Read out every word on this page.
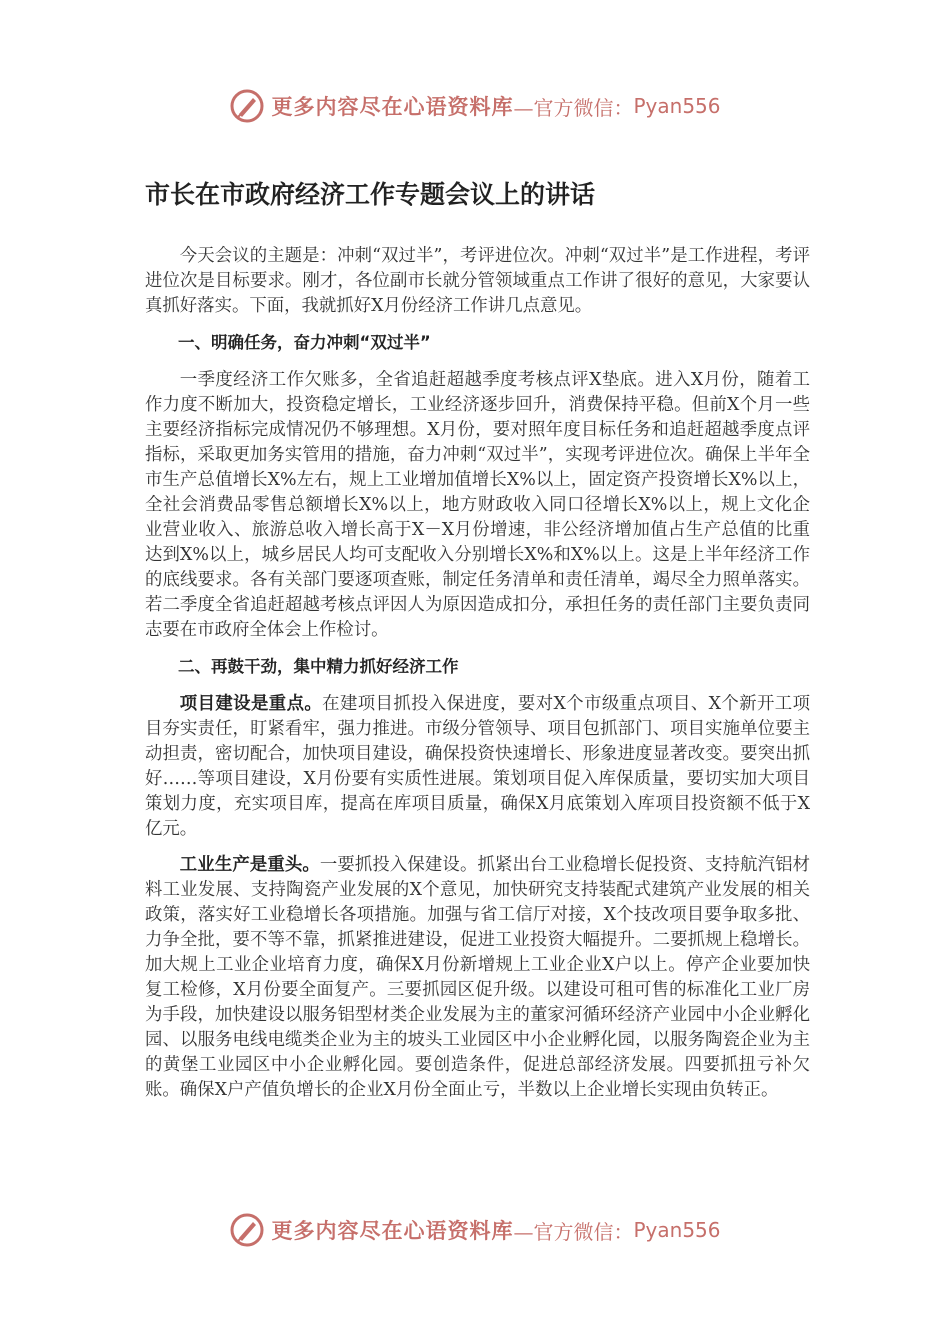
更多内容尽在心语资料库 —官方微信： Pyan556
市长在市政府经济工作专题会议上的讲话

今天会议的主题是：冲刺“双过半”，考评进位次。冲刺“双过半”是工作进程，考评进位次是目标要求。刚才，各位副市长就分管领域重点工作讲了很好的意见，大家要认真抓好落实。下面，我就抓好X月份经济工作讲几点意见。

一、明确任务，奋力冲刺“双过半”

一季度经济工作欠账多，全省追赶超越季度考核点评X垫底。进入X月份，随着工作力度不断加大，投资稳定增长，工业经济逐步回升，消费保持平稳。但前X个月一些主要经济指标完成情况仍不够理想。X月份，要对照年度目标任务和追赶超越季度点评指标，采取更加务实管用的措施，奋力冲刺“双过半”，实现考评进位次。确保上半年全市生产总值增长X%左右，规上工业增加值增长X%以上，固定资产投资增长X%以上，全社会消费品零售总额增长X%以上，地方财政收入同口径增长X%以上，规上文化企业营业收入、旅游总收入增长高于X－X月份增速，非公经济增加值占生产总值的比重达到X%以上，城乡居民人均可支配收入分别增长X%和X%以上。这是上半年经济工作的底线要求。各有关部门要逐项查账，制定任务清单和责任清单，竭尽全力照单落实。若二季度全省追赶超越考核点评因人为原因造成扣分，承担任务的责任部门主要负责同志要在市政府全体会上作检讨。

二、再鼓干劲，集中精力抓好经济工作

项目建设是重点。在建项目抓投入保进度，要对X个市级重点项目、X个新开工项目夯实责任，盯紧看牢，强力推进。市级分管领导、项目包抓部门、项目实施单位要主动担责，密切配合，加快项目建设，确保投资快速增长、形象进度显著改变。要突出抓好……等项目建设，X月份要有实质性进展。策划项目促入库保质量，要切实加大项目策划力度，充实项目库，提高在库项目质量，确保X月底策划入库项目投资额不低于X亿元。

工业生产是重头。一要抓投入保建设。抓紧出台工业稳增长促投资、支持航汽铝材料工业发展、支持陶瓷产业发展的X个意见，加快研究支持装配式建筑产业发展的相关政策，落实好工业稳增长各项措施。加强与省工信厅对接，X个技改项目要争取多批、力争全批，要不等不靠，抓紧推进建设，促进工业投资大幅提升。二要抓规上稳增长。加大规上工业企业培育力度，确保X月份新增规上工业企业X户以上。停产企业要加快复工检修，X月份要全面复产。三要抓园区促升级。以建设可租可售的标准化工业厂房为手段，加快建设以服务铝型材类企业发展为主的董家河循环经济产业园中小企业孵化园、以服务电线电缆类企业为主的坡头工业园区中小企业孵化园，以服务陶瓷企业为主的黄堡工业园区中小企业孵化园。要创造条件，促进总部经济发展。四要抓扭亏补欠账。确保X户产值负增长的企业X月份全面止亏，半数以上企业增长实现由负转正。

更多内容尽在心语资料库 —官方微信： Pyan556
